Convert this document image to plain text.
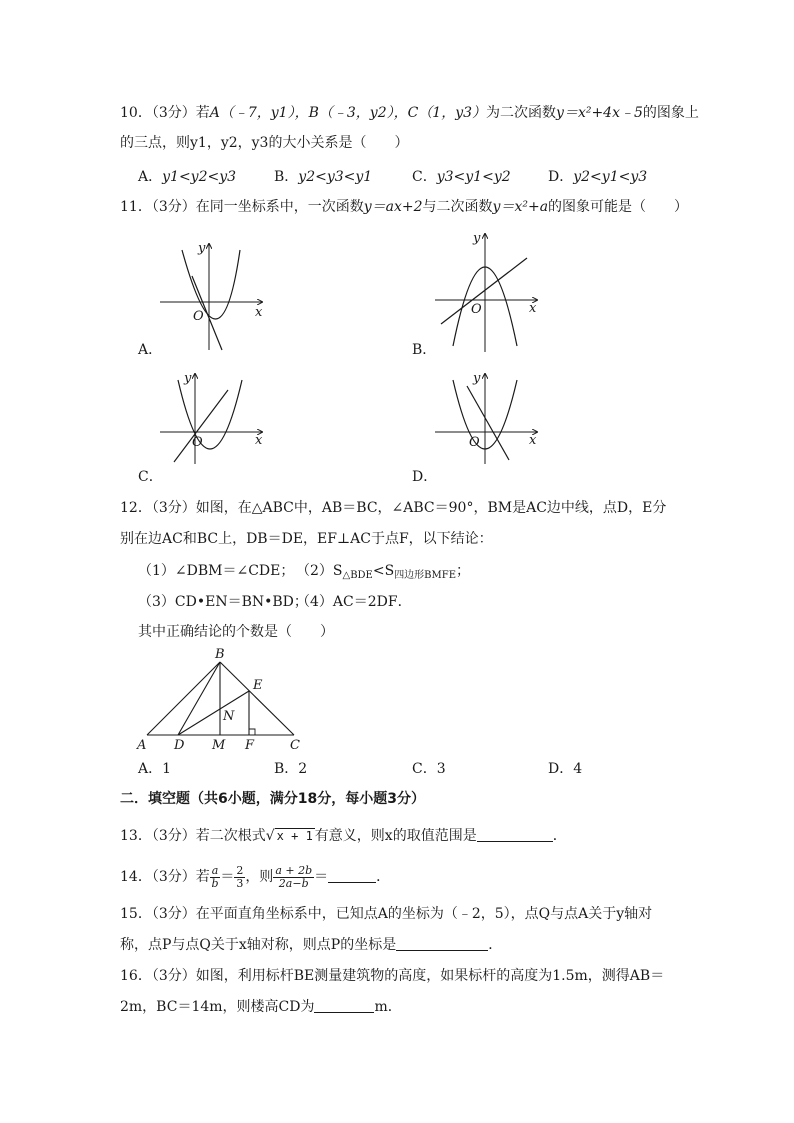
10．（3分）若A（﹣7，y1），B（﹣3，y2），C（1，y3）为二次函数y＝x²+4x﹣5的图象上
的三点，则y1，y2，y3的大小关系是（　　）
A．y1<y2<y3	B．y2<y3<y1	C．y3<y1<y2	D．y2<y1<y3
11．（3分）在同一坐标系中，一次函数y＝ax+2与二次函数y＝x²+a的图象可能是（　　）
x
y
O
A．
x
y
O
B．
x
y
O
C．
x
y
O
D．
12．（3分）如图，在△ABC中，AB＝BC，∠ABC＝90°，BM是AC边中线，点D，E分
别在边AC和BC上，DB＝DE，EF⊥AC于点F，以下结论：
（1）∠DBM＝∠CDE； $(2)S_{\triangle BDE}<S_{四边形BMFE}$；
（3）CD•EN＝BN•BD；
（4）AC＝2DF．
其中正确结论的个数是（　　）
A
B
C
D
E
F
M
N
A．1	B．2	C．3	D．4
二．填空题（共6小题，满分18分，每小题3分）
13．（3分）若二次根式√ x + 1 有意义，则x的取值范围是	．
14．（3分）若 $\frac{a}{b} = \frac{2}{3}$ ，则 $\frac{a + 2b}{2a-b}$ ＝	．
15．（3分）在平面直角坐标系中，已知点A的坐标为（﹣2，5），点Q与点A关于y轴对
称，点P与点Q关于x轴对称，则点P的坐标是	．
16．（3分）如图，利用标杆BE测量建筑物的高度，如果标杆的高度为1.5m，测得AB＝
2m，BC＝14m，则楼高CD为	m．
